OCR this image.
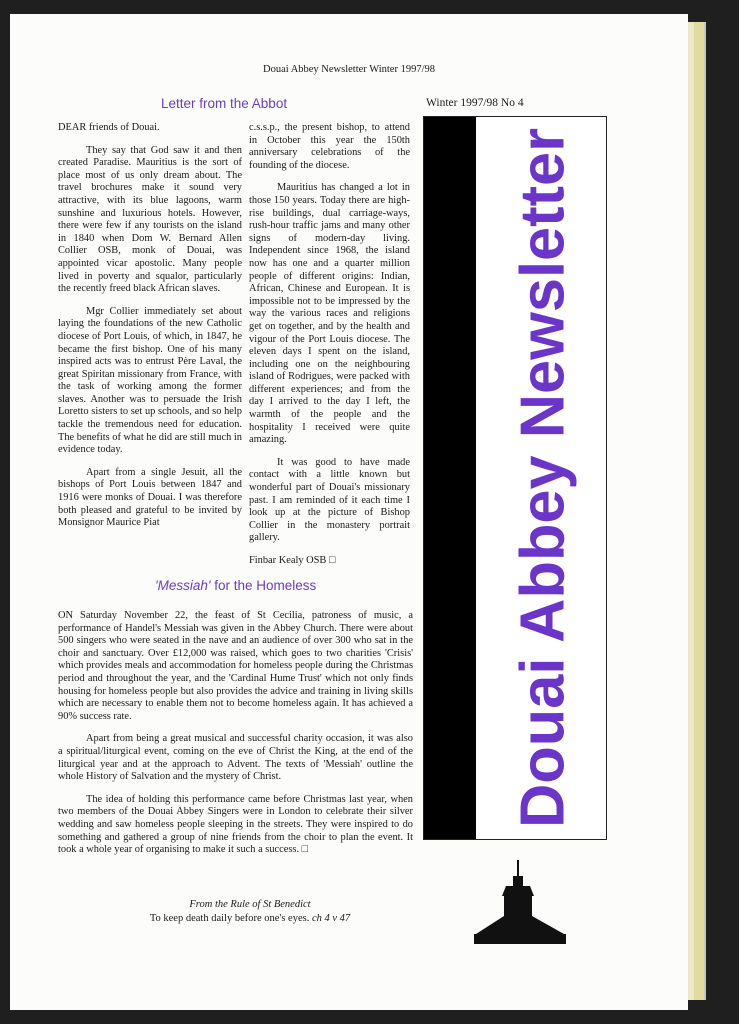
Douai Abbey Newsletter Winter 1997/98
Letter from the Abbot

DEAR friends of Douai.

They say that God saw it and then created Paradise. Mauritius is the sort of place most of us only dream about. The travel brochures make it sound very attractive, with its blue lagoons, warm sunshine and luxurious hotels. However, there were few if any tourists on the island in 1840 when Dom W. Bernard Allen Collier OSB, monk of Douai, was appointed vicar apostolic. Many people lived in poverty and squalor, particularly the recently freed black African slaves.

Mgr Collier immediately set about laying the foundations of the new Catholic diocese of Port Louis, of which, in 1847, he became the first bishop. One of his many inspired acts was to entrust Père Laval, the great Spiritan missionary from France, with the task of working among the former slaves. Another was to persuade the Irish Loretto sisters to set up schools, and so help tackle the tremendous need for education. The benefits of what he did are still much in evidence today.

Apart from a single Jesuit, all the bishops of Port Louis between 1847 and 1916 were monks of Douai. I was therefore both pleased and grateful to be invited by Monsignor Maurice Piat

c.s.s.p., the present bishop, to attend in October this year the 150th anniversary celebrations of the founding of the diocese.

Mauritius has changed a lot in those 150 years. Today there are high-rise buildings, dual carriage-ways, rush-hour traffic jams and many other signs of modern-day living. Independent since 1968, the island now has one and a quarter million people of different origins: Indian, African, Chinese and European. It is impossible not to be impressed by the way the various races and religions get on together, and by the health and vigour of the Port Louis diocese. The eleven days I spent on the island, including one on the neighbouring island of Rodrigues, were packed with different experiences; and from the day I arrived to the day I left, the warmth of the people and the hospitality I received were quite amazing.

It was good to have made contact with a little known but wonderful part of Douai's missionary past. I am reminded of it each time I look up at the picture of Bishop Collier in the monastery portrait gallery.

Finbar Kealy OSB □

'Messiah' for the Homeless

ON Saturday November 22, the feast of St Cecilia, patroness of music, a performance of Handel's Messiah was given in the Abbey Church. There were about 500 singers who were seated in the nave and an audience of over 300 who sat in the choir and sanctuary. Over £12,000 was raised, which goes to two charities 'Crisis' which provides meals and accommodation for homeless people during the Christmas period and throughout the year, and the 'Cardinal Hume Trust' which not only finds housing for homeless people but also provides the advice and training in living skills which are necessary to enable them not to become homeless again. It has achieved a 90% success rate.

Apart from being a great musical and successful charity occasion, it was also a spiritual/liturgical event, coming on the eve of Christ the King, at the end of the liturgical year and at the approach to Advent. The texts of 'Messiah' outline the whole History of Salvation and the mystery of Christ.

The idea of holding this performance came before Christmas last year, when two members of the Douai Abbey Singers were in London to celebrate their silver wedding and saw homeless people sleeping in the streets. They were inspired to do something and gathered a group of nine friends from the choir to plan the event. It took a whole year of organising to make it such a success. □

From the Rule of St Benedict
To keep death daily before one's eyes. ch 4 v 47
Winter 1997/98 No 4
Douai Abbey Newsletter
